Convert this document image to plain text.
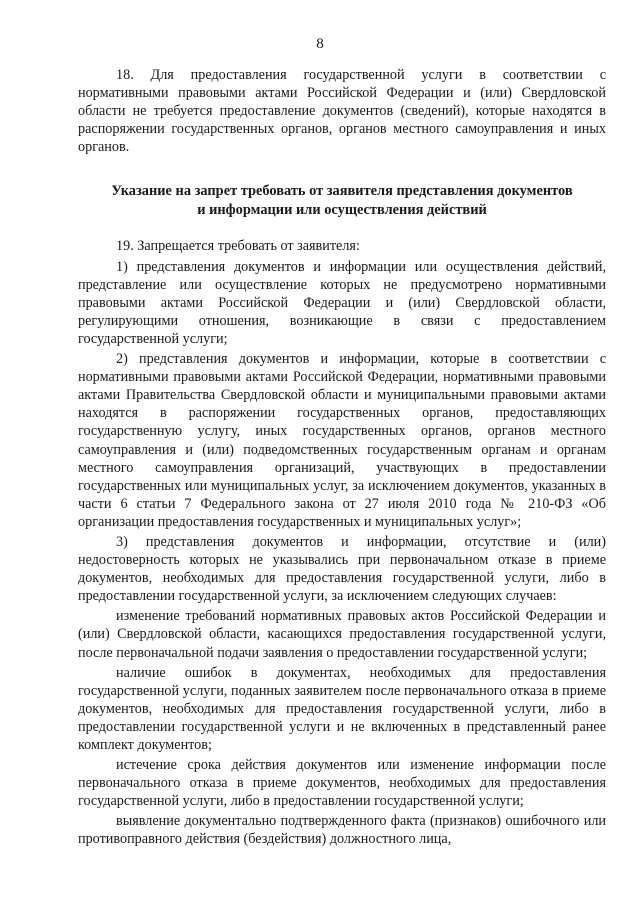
8

18. Для предоставления государственной услуги в соответствии с нормативными правовыми актами Российской Федерации и (или) Свердловской области не требуется предоставление документов (сведений), которые находятся в распоряжении государственных органов, органов местного самоуправления и иных органов.

Указание на запрет требовать от заявителя представления документов
и информации или осуществления действий

19. Запрещается требовать от заявителя:

1) представления документов и информации или осуществления действий, представление или осуществление которых не предусмотрено нормативными правовыми актами Российской Федерации и (или) Свердловской области, регулирующими отношения, возникающие в связи с предоставлением государственной услуги;

2) представления документов и информации, которые в соответствии с нормативными правовыми актами Российской Федерации, нормативными правовыми актами Правительства Свердловской области и муниципальными правовыми актами находятся в распоряжении государственных органов, предоставляющих государственную услугу, иных государственных органов, органов местного самоуправления и (или) подведомственных государственным органам и органам местного самоуправления организаций, участвующих в предоставлении государственных или муниципальных услуг, за исключением документов, указанных в части 6 статьи 7 Федерального закона от 27 июля 2010 года № 210-ФЗ «Об организации предоставления государственных и муниципальных услуг»;

3) представления документов и информации, отсутствие и (или) недостоверность которых не указывались при первоначальном отказе в приеме документов, необходимых для предоставления государственной услуги, либо в предоставлении государственной услуги, за исключением следующих случаев:

изменение требований нормативных правовых актов Российской Федерации и (или) Свердловской области, касающихся предоставления государственной услуги, после первоначальной подачи заявления о предоставлении государственной услуги;

наличие ошибок в документах, необходимых для предоставления государственной услуги, поданных заявителем после первоначального отказа в приеме документов, необходимых для предоставления государственной услуги, либо в предоставлении государственной услуги и не включенных в представленный ранее комплект документов;

истечение срока действия документов или изменение информации после первоначального отказа в приеме документов, необходимых для предоставления государственной услуги, либо в предоставлении государственной услуги;

выявление документально подтвержденного факта (признаков) ошибочного или противоправного действия (бездействия) должностного лица,
